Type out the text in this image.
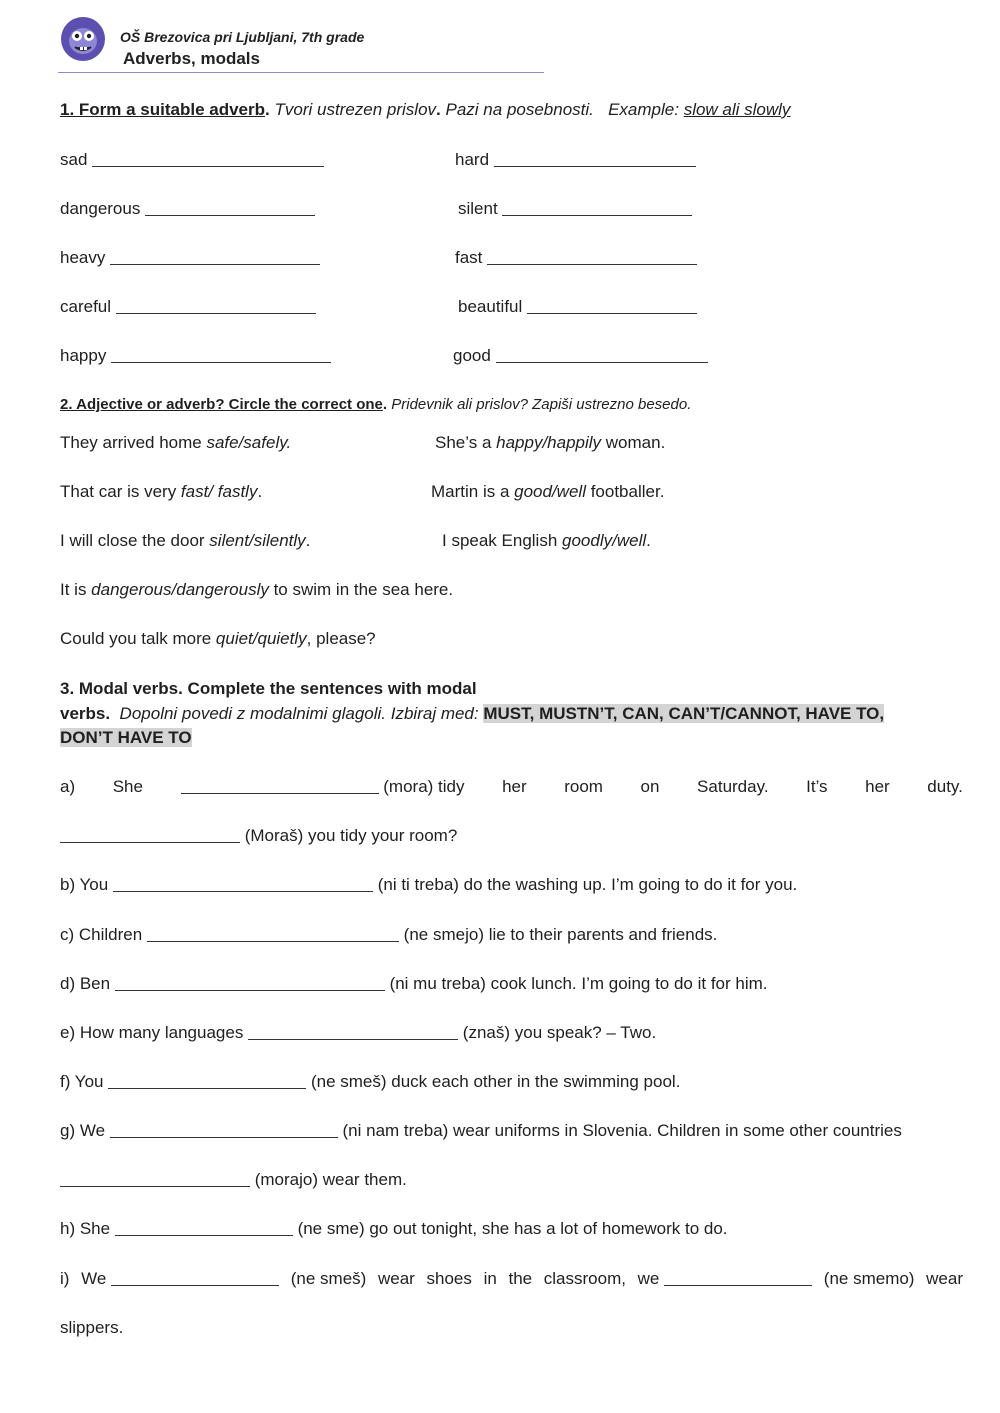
OŠ Brezovica pri Ljubljani, 7th grade
Adverbs, modals
1. Form a suitable adverb. Tvori ustrezen prislov. Pazi na posebnosti. Example: slow ali slowly
sad	hard
dangerous	silent
heavy	fast
careful	beautiful
happy	good
2. Adjective or adverb? Circle the correct one. Pridevnik ali prislov? Zapiši ustrezno besedo.
They arrived home safe/safely.	She’s a happy/happily woman.
That car is very fast/ fastly.	Martin is a good/well footballer.
I will close the door silent/silently.	I speak English goodly/well.
It is dangerous/dangerously to swim in the sea here.
Could you talk more quiet/quietly, please?
3. Modal verbs. Complete the sentences with modal
verbs. Dopolni povedi z modalnimi glagoli. Izbiraj med: MUST, MUSTN’T, CAN, CAN’T/CANNOT, HAVE TO,
DON’T HAVE TO
a) She	(mora) tidy her room on Saturday. It’s her duty.
(Moraš) you tidy your room?
b) You	(ni ti treba) do the washing up. I’m going to do it for you.
c) Children	(ne smejo) lie to their parents and friends.
d) Ben	(ni mu treba) cook lunch. I’m going to do it for him.
e) How many languages	(znaš) you speak? – Two.
f) You	(ne smeš) duck each other in the swimming pool.
g) We	(ni nam treba) wear uniforms in Slovenia. Children in some other countries
(morajo) wear them.
h) She	(ne sme) go out tonight, she has a lot of homework to do.
i) We	(ne smeš) wear shoes in the classroom, we	(ne smemo) wear
slippers.
